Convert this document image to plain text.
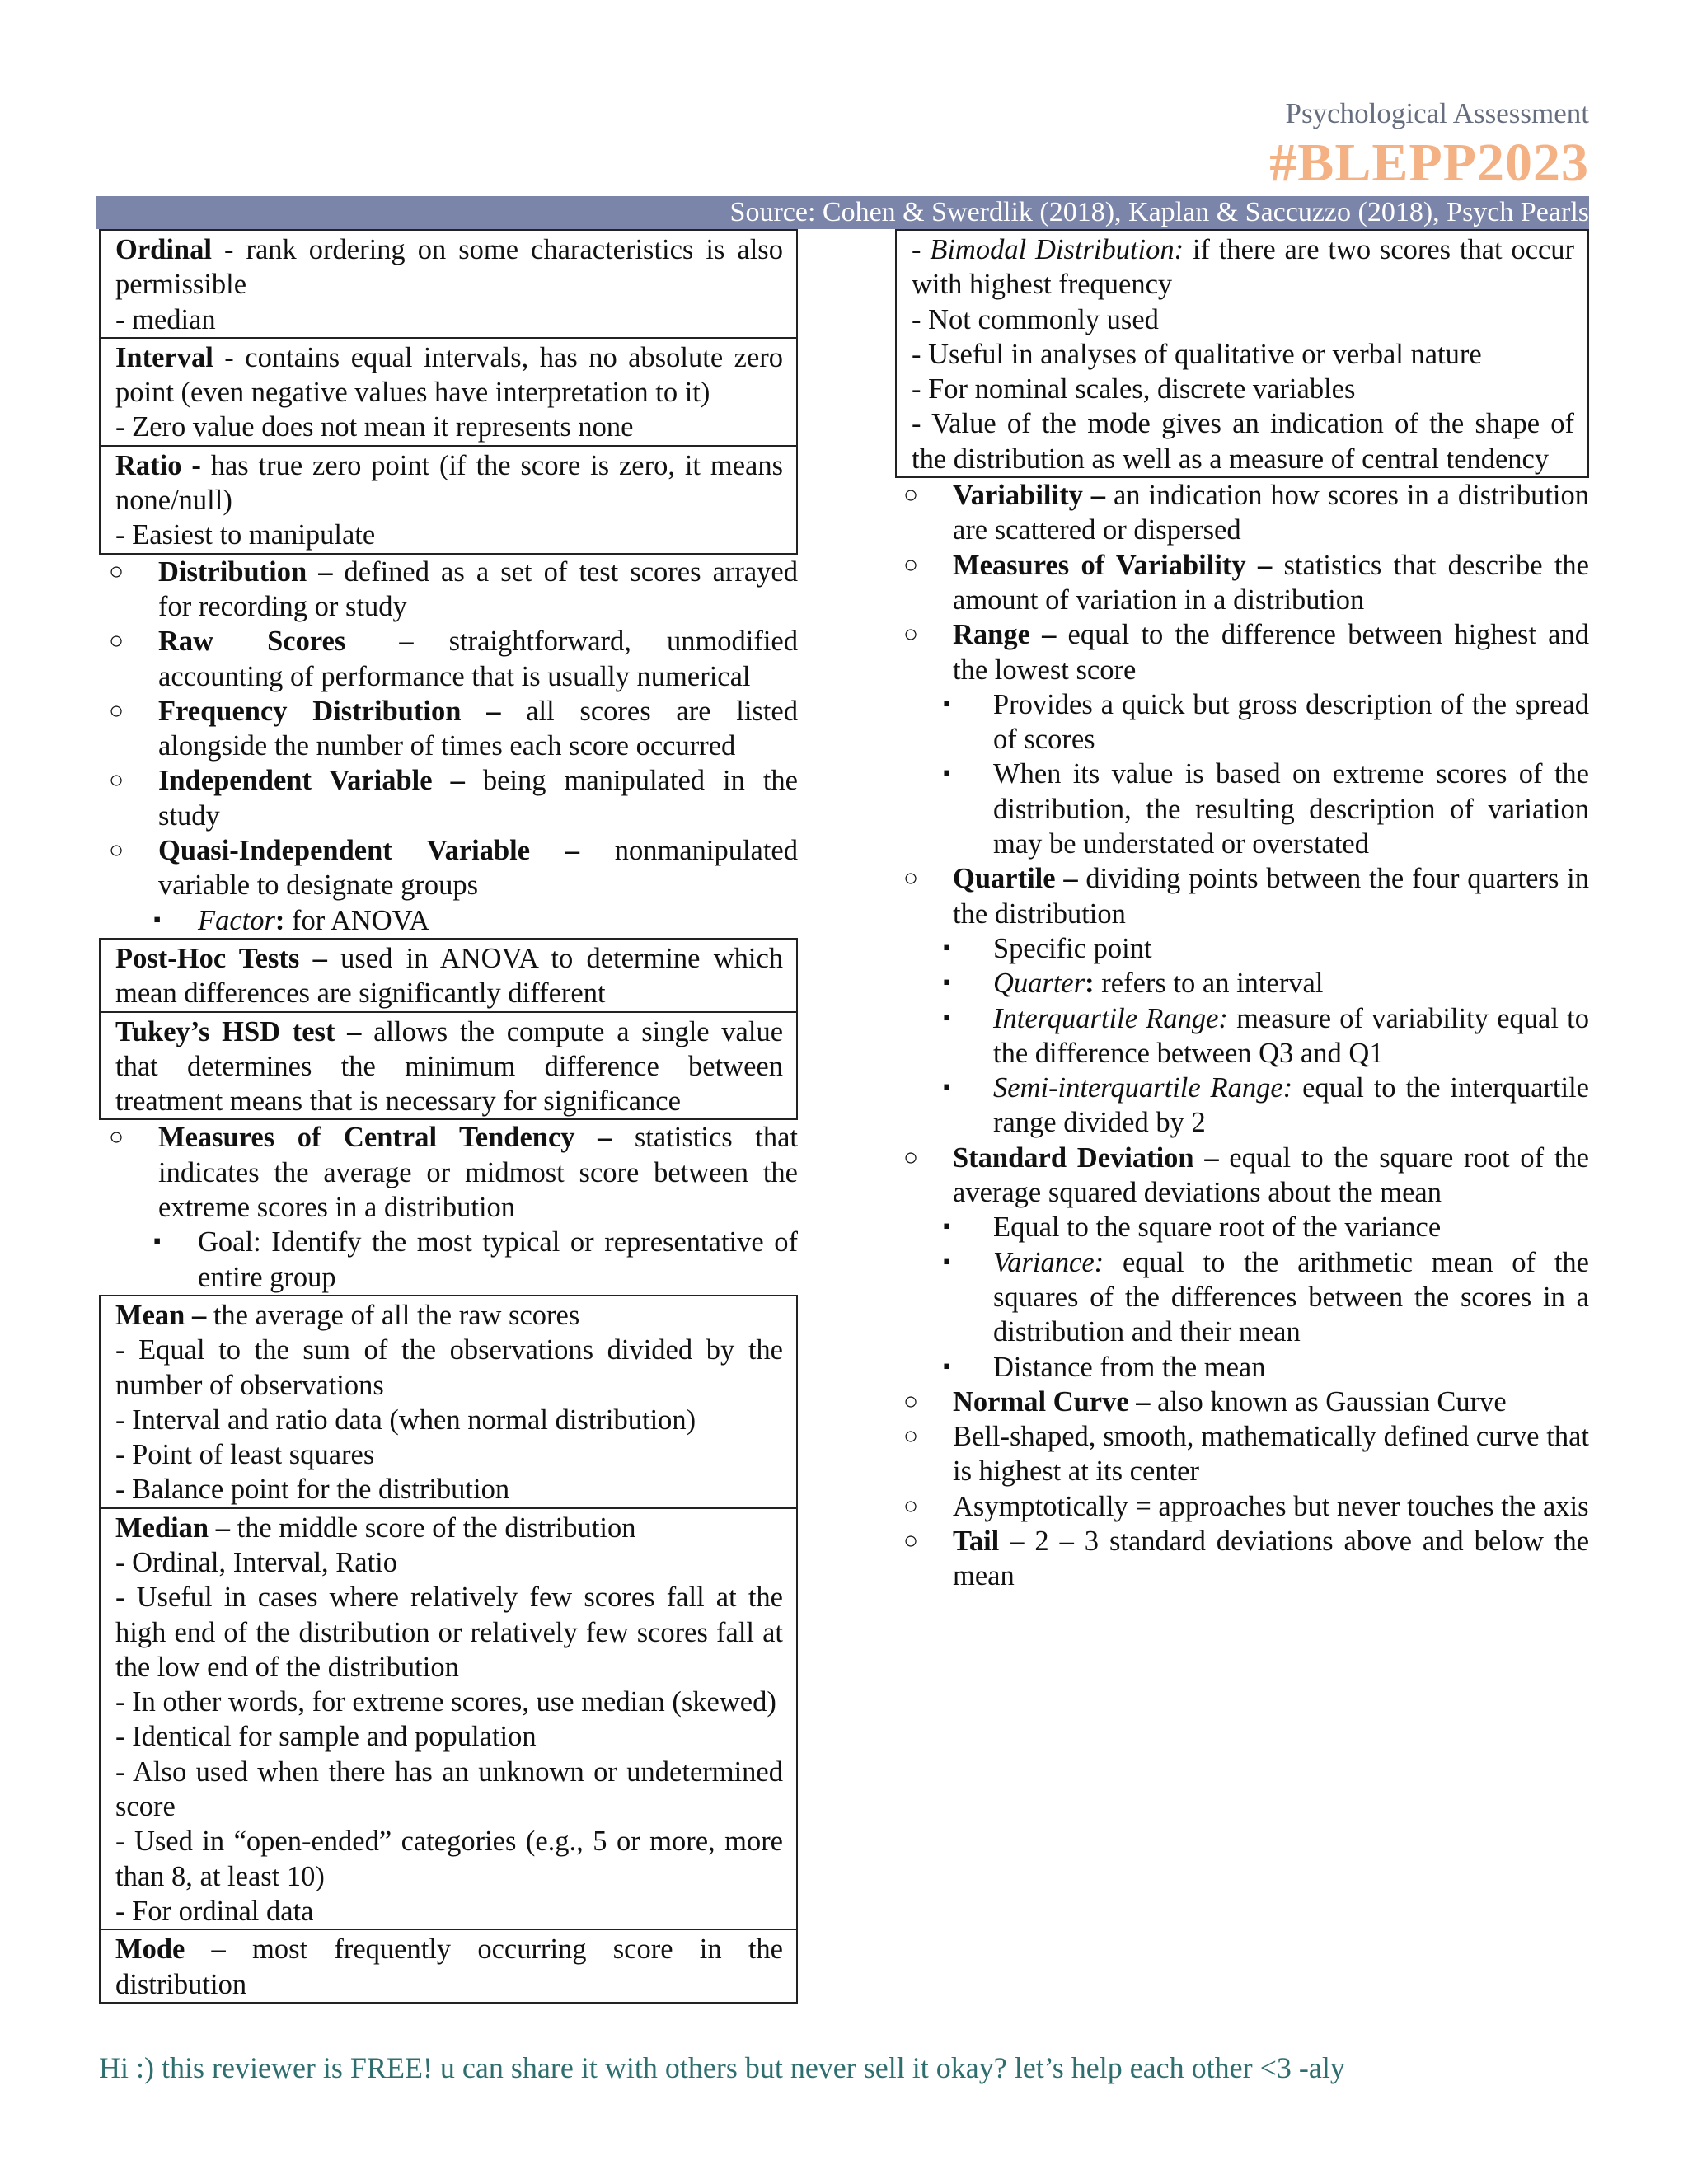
Psychological Assessment
#BLEPP2023
Source: Cohen & Swerdlik (2018), Kaplan & Saccuzzo (2018), Psych Pearls
Ordinal - rank ordering on some characteristics is also permissible
- median
Interval - contains equal intervals, has no absolute zero point (even negative values have interpretation to it)
- Zero value does not mean it represents none
Ratio - has true zero point (if the score is zero, it means none/null)
- Easiest to manipulate
○ Distribution – defined as a set of test scores arrayed for recording or study
○ Raw Scores – straightforward, unmodified accounting of performance that is usually numerical
○ Frequency Distribution – all scores are listed alongside the number of times each score occurred
○ Independent Variable – being manipulated in the study
○ Quasi-Independent Variable – nonmanipulated variable to designate groups
▪ Factor: for ANOVA
Post-Hoc Tests – used in ANOVA to determine which mean differences are significantly different
Tukey’s HSD test – allows the compute a single value that determines the minimum difference between treatment means that is necessary for significance
○ Measures of Central Tendency – statistics that indicates the average or midmost score between the extreme scores in a distribution
▪ Goal: Identify the most typical or representative of entire group
Mean – the average of all the raw scores
- Equal to the sum of the observations divided by the number of observations
- Interval and ratio data (when normal distribution)
- Point of least squares
- Balance point for the distribution
Median – the middle score of the distribution
- Ordinal, Interval, Ratio
- Useful in cases where relatively few scores fall at the high end of the distribution or relatively few scores fall at the low end of the distribution
- In other words, for extreme scores, use median (skewed)
- Identical for sample and population
- Also used when there has an unknown or undetermined score
- Used in “open-ended” categories (e.g., 5 or more, more than 8, at least 10)
- For ordinal data
Mode – most frequently occurring score in the distribution
- Bimodal Distribution: if there are two scores that occur with highest frequency
- Not commonly used
- Useful in analyses of qualitative or verbal nature
- For nominal scales, discrete variables
- Value of the mode gives an indication of the shape of the distribution as well as a measure of central tendency
○ Variability – an indication how scores in a distribution are scattered or dispersed
○ Measures of Variability – statistics that describe the amount of variation in a distribution
○ Range – equal to the difference between highest and the lowest score
▪ Provides a quick but gross description of the spread of scores
▪ When its value is based on extreme scores of the distribution, the resulting description of variation may be understated or overstated
○ Quartile – dividing points between the four quarters in the distribution
▪ Specific point
▪ Quarter: refers to an interval
▪ Interquartile Range: measure of variability equal to the difference between Q3 and Q1
▪ Semi-interquartile Range: equal to the interquartile range divided by 2
○ Standard Deviation – equal to the square root of the average squared deviations about the mean
▪ Equal to the square root of the variance
▪ Variance: equal to the arithmetic mean of the squares of the differences between the scores in a distribution and their mean
▪ Distance from the mean
○ Normal Curve – also known as Gaussian Curve
○ Bell-shaped, smooth, mathematically defined curve that is highest at its center
○ Asymptotically = approaches but never touches the axis
○ Tail – 2 – 3 standard deviations above and below the mean
Hi :) this reviewer is FREE! u can share it with others but never sell it okay? let’s help each other <3 -aly
